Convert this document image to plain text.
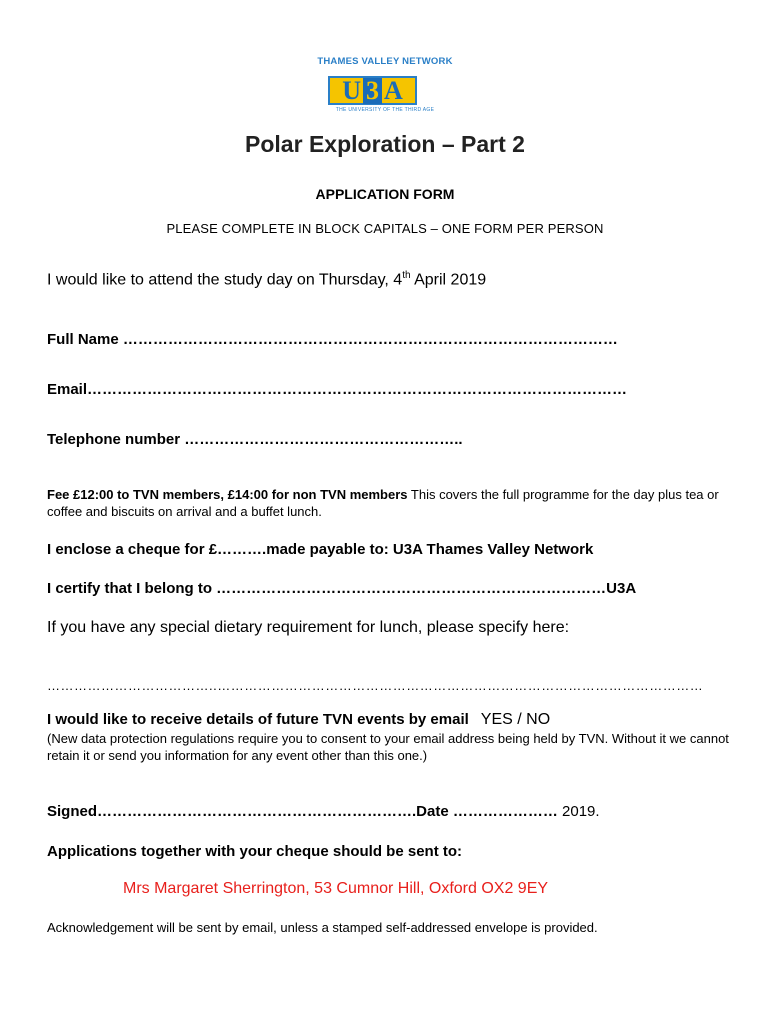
THAMES VALLEY NETWORK
U 3 A
THE UNIVERSITY OF THE THIRD AGE
Polar Exploration – Part 2
APPLICATION FORM
PLEASE COMPLETE IN BLOCK CAPITALS – ONE FORM PER PERSON
I would like to attend the study day on Thursday, 4th April 2019
Full Name ………………………………………………………………………………………
Email………………………………………………………………………………………………
Telephone number ………………………………………………..
Fee £12:00 to TVN members, £14:00 for non TVN members This covers the full programme for the day plus tea or coffee and biscuits on arrival and a buffet lunch.
I enclose a cheque for £……….made payable to: U3A Thames Valley Network
I certify that I belong to ……………………………………………………………………U3A
If you have any special dietary requirement for lunch, please specify here:
………………………………..………………………………………………………………………………………………
I would like to receive details of future TVN events by email YES / NO
(New data protection regulations require you to consent to your email address being held by TVN. Without it we cannot retain it or send you information for any event other than this one.)
Signed……………………………………………………….Date ………………… 2019.
Applications together with your cheque should be sent to:
Mrs Margaret Sherrington, 53 Cumnor Hill, Oxford OX2 9EY
Acknowledgement will be sent by email, unless a stamped self-addressed envelope is provided.
